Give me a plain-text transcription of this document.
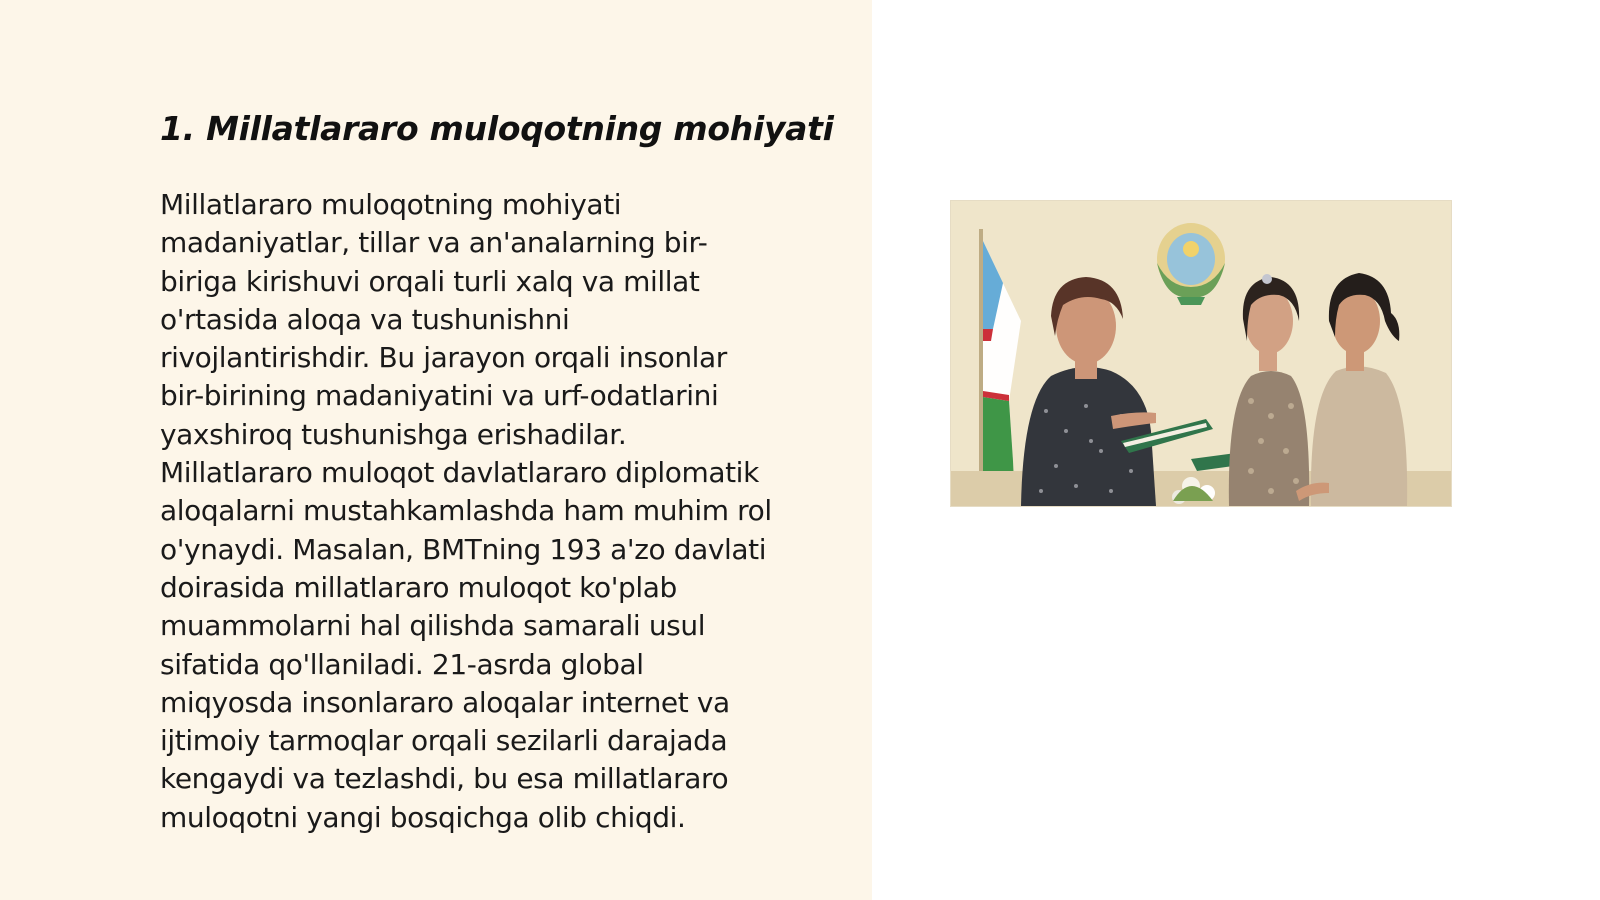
1. Millatlararo muloqotning mohiyati

Millatlararo muloqotning mohiyati
madaniyatlar, tillar va an'analarning bir-
biriga kirishuvi orqali turli xalq va millat
o'rtasida aloqa va tushunishni
rivojlantirishdir. Bu jarayon orqali insonlar
bir-birining madaniyatini va urf-odatlarini
yaxshiroq tushunishga erishadilar.
Millatlararo muloqot davlatlararo diplomatik
aloqalarni mustahkamlashda ham muhim rol
o'ynaydi. Masalan, BMTning 193 a'zo davlati
doirasida millatlararo muloqot ko'plab
muammolarni hal qilishda samarali usul
sifatida qo'llaniladi. 21-asrda global
miqyosda insonlararo aloqalar internet va
ijtimoiy tarmoqlar orqali sezilarli darajada
kengaydi va tezlashdi, bu esa millatlararo
muloqotni yangi bosqichga olib chiqdi.
